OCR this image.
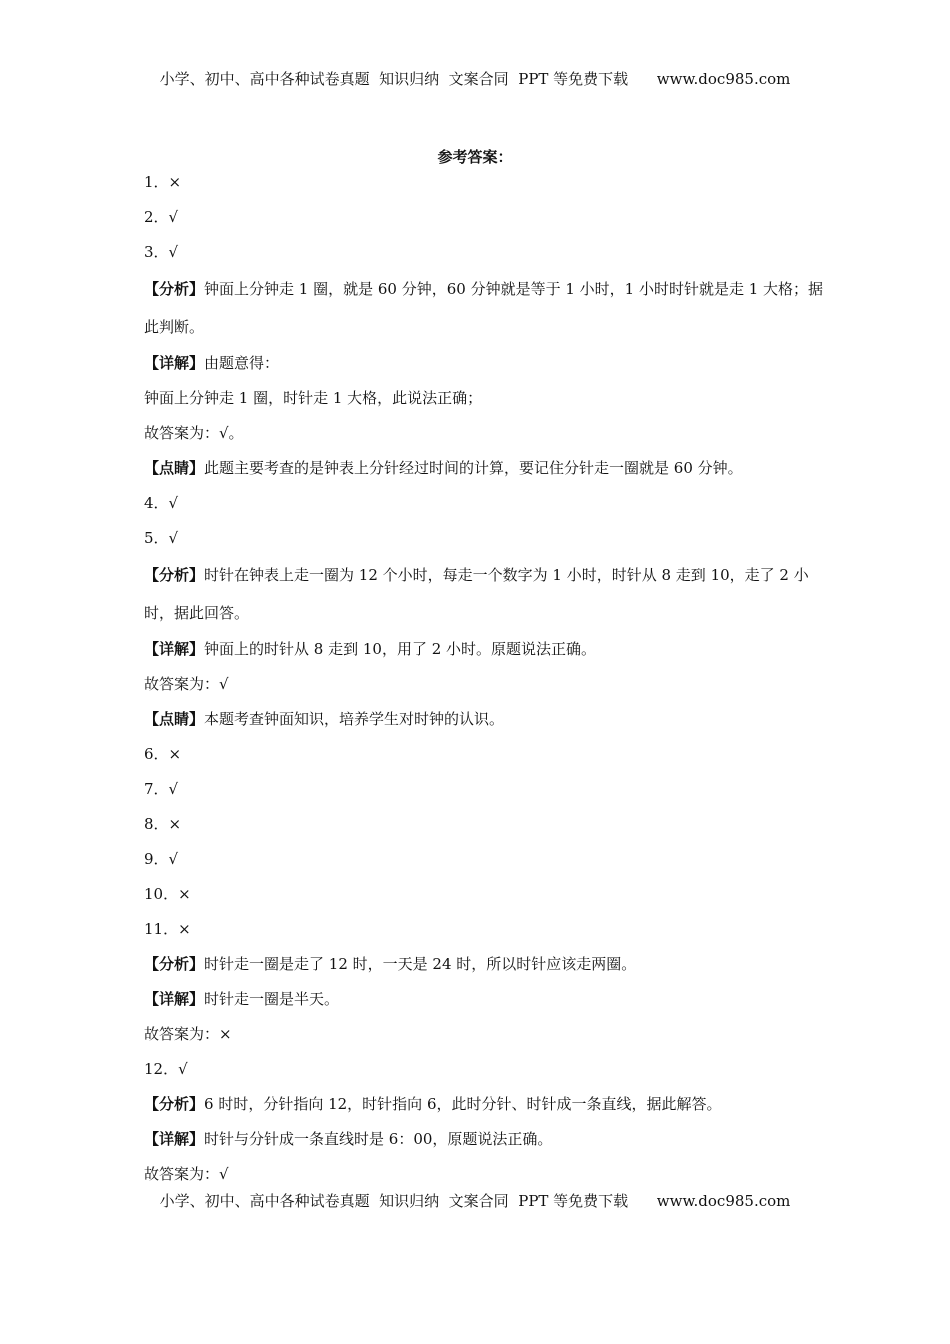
小学、初中、高中各种试卷真题  知识归纳  文案合同  PPT 等免费下载      www.doc985.com
参考答案：
1．×
2．√
3．√
【分析】钟面上分钟走 1 圈，就是 60 分钟，60 分钟就是等于 1 小时，1 小时时针就是走 1 大格；据此判断。
【详解】由题意得：
钟面上分钟走 1 圈，时针走 1 大格，此说法正确；
故答案为：√。
【点睛】此题主要考查的是钟表上分针经过时间的计算，要记住分针走一圈就是 60 分钟。
4．√
5．√
【分析】时针在钟表上走一圈为 12 个小时，每走一个数字为 1 小时，时针从 8 走到 10，走了 2 小时，据此回答。
【详解】钟面上的时针从 8 走到 10，用了 2 小时。原题说法正确。
故答案为：√
【点睛】本题考查钟面知识，培养学生对时钟的认识。
6．×
7．√
8．×
9．√
10．×
11．×
【分析】时针走一圈是走了 12 时，一天是 24 时，所以时针应该走两圈。
【详解】时针走一圈是半天。
故答案为：×
12．√
【分析】6 时时，分针指向 12，时针指向 6，此时分针、时针成一条直线，据此解答。
【详解】时针与分针成一条直线时是 6：00，原题说法正确。
故答案为：√
小学、初中、高中各种试卷真题  知识归纳  文案合同  PPT 等免费下载      www.doc985.com
